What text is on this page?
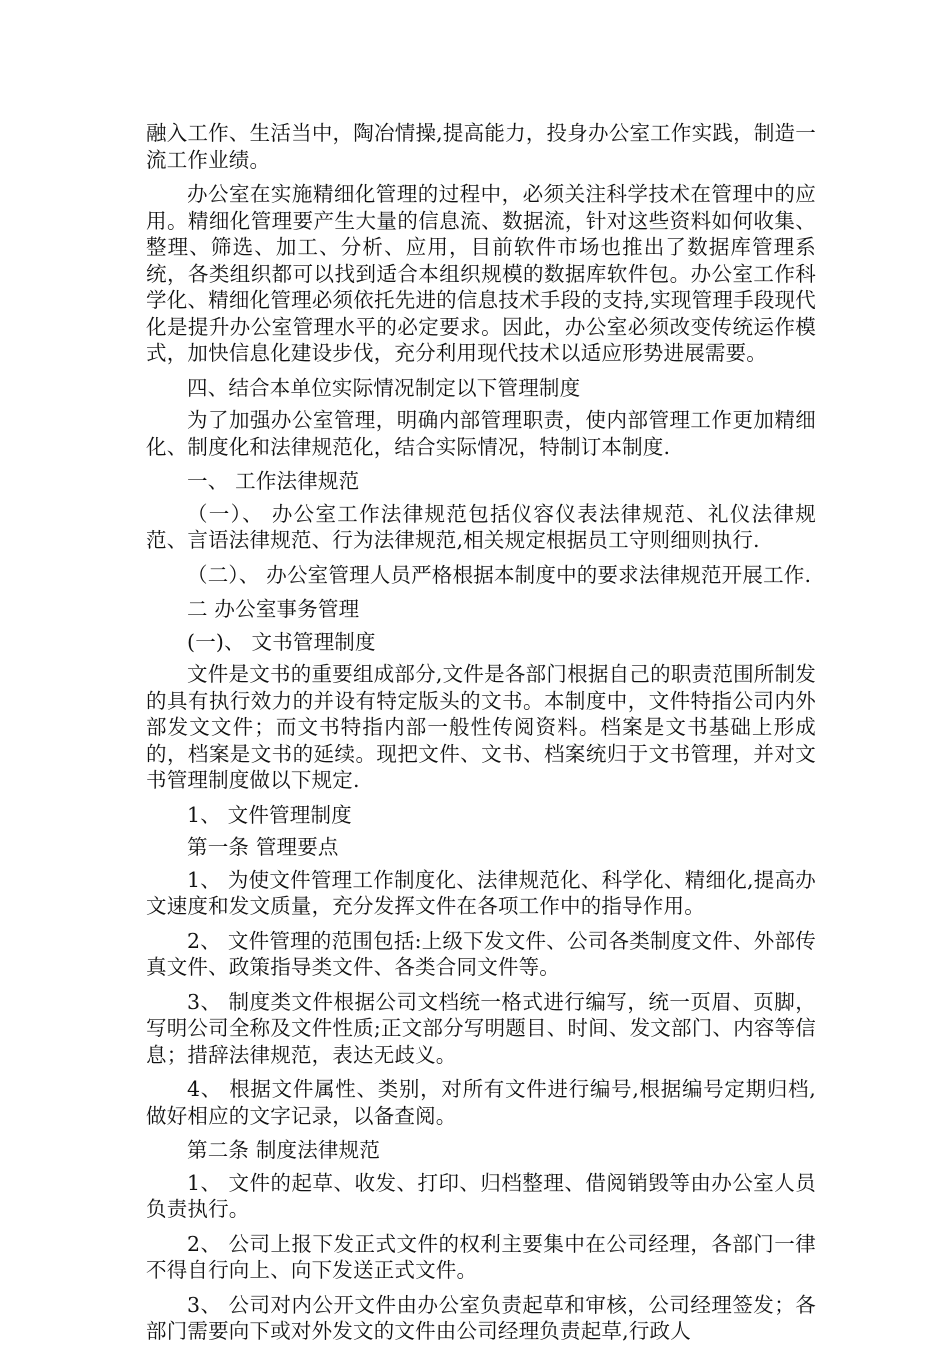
融入工作、生活当中，陶冶情操,提高能力，投身办公室工作实践，制造一流工作业绩。

办公室在实施精细化管理的过程中，必须关注科学技术在管理中的应用。精细化管理要产生大量的信息流、数据流，针对这些资料如何收集、整理、筛选、加工、分析、应用，目前软件市场也推出了数据库管理系统，各类组织都可以找到适合本组织规模的数据库软件包。办公室工作科学化、精细化管理必须依托先进的信息技术手段的支持,实现管理手段现代化是提升办公室管理水平的必定要求。因此，办公室必须改变传统运作模式，加快信息化建设步伐，充分利用现代技术以适应形势进展需要。

四、结合本单位实际情况制定以下管理制度

为了加强办公室管理，明确内部管理职责，使内部管理工作更加精细化、制度化和法律规范化，结合实际情况，特制订本制度.

一、 工作法律规范

（一）、 办公室工作法律规范包括仪容仪表法律规范、礼仪法律规范、言语法律规范、行为法律规范,相关规定根据员工守则细则执行.

（二）、 办公室管理人员严格根据本制度中的要求法律规范开展工作.

二 办公室事务管理

(一)、 文书管理制度

文件是文书的重要组成部分,文件是各部门根据自己的职责范围所制发的具有执行效力的并设有特定版头的文书。本制度中，文件特指公司内外部发文文件；而文书特指内部一般性传阅资料。档案是文书基础上形成的，档案是文书的延续。现把文件、文书、档案统归于文书管理，并对文书管理制度做以下规定.

1、 文件管理制度

第一条 管理要点

1、 为使文件管理工作制度化、法律规范化、科学化、精细化,提高办文速度和发文质量，充分发挥文件在各项工作中的指导作用。

2、 文件管理的范围包括:上级下发文件、公司各类制度文件、外部传真文件、政策指导类文件、各类合同文件等。

3、 制度类文件根据公司文档统一格式进行编写，统一页眉、页脚，写明公司全称及文件性质;正文部分写明题目、时间、发文部门、内容等信息；措辞法律规范，表达无歧义。

4、 根据文件属性、类别，对所有文件进行编号,根据编号定期归档,做好相应的文字记录，以备查阅。

第二条 制度法律规范

1、 文件的起草、收发、打印、归档整理、借阅销毁等由办公室人员负责执行。

2、 公司上报下发正式文件的权利主要集中在公司经理，各部门一律不得自行向上、向下发送正式文件。

3、 公司对内公开文件由办公室负责起草和审核，公司经理签发；各部门需要向下或对外发文的文件由公司经理负责起草,行政人
